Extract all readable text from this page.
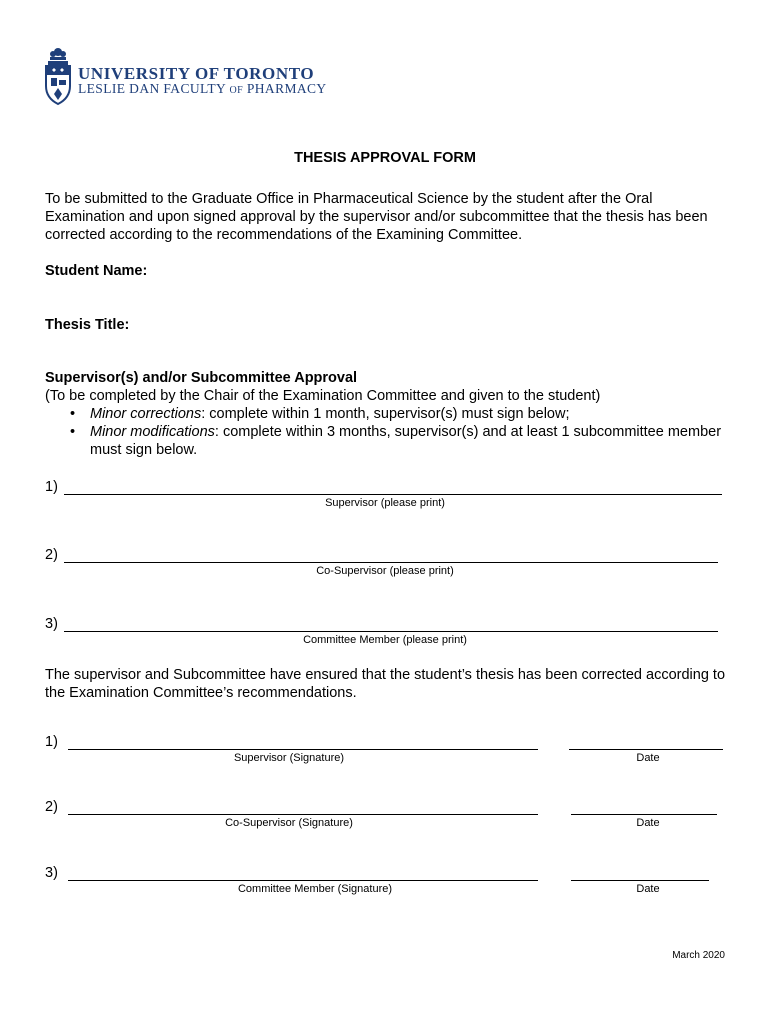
UNIVERSITY OF TORONTO
LESLIE DAN FACULTY OF PHARMACY
THESIS APPROVAL FORM
To be submitted to the Graduate Office in Pharmaceutical Science by the student after the Oral Examination and upon signed approval by the supervisor and/or subcommittee that the thesis has been corrected according to the recommendations of the Examining Committee.
Student Name:
Thesis Title:
Supervisor(s) and/or Subcommittee Approval
(To be completed by the Chair of the Examination Committee and given to the student)
• Minor corrections: complete within 1 month, supervisor(s) must sign below;
• Minor modifications: complete within 3 months, supervisor(s) and at least 1 subcommittee member must sign below.
1)
Supervisor (please print)
2)
Co-Supervisor (please print)
3)
Committee Member (please print)
The supervisor and Subcommittee have ensured that the student’s thesis has been corrected according to the Examination Committee’s recommendations.
1)
Supervisor (Signature)	Date
2)
Co-Supervisor (Signature)	Date
3)
Committee Member (Signature)	Date
March 2020
